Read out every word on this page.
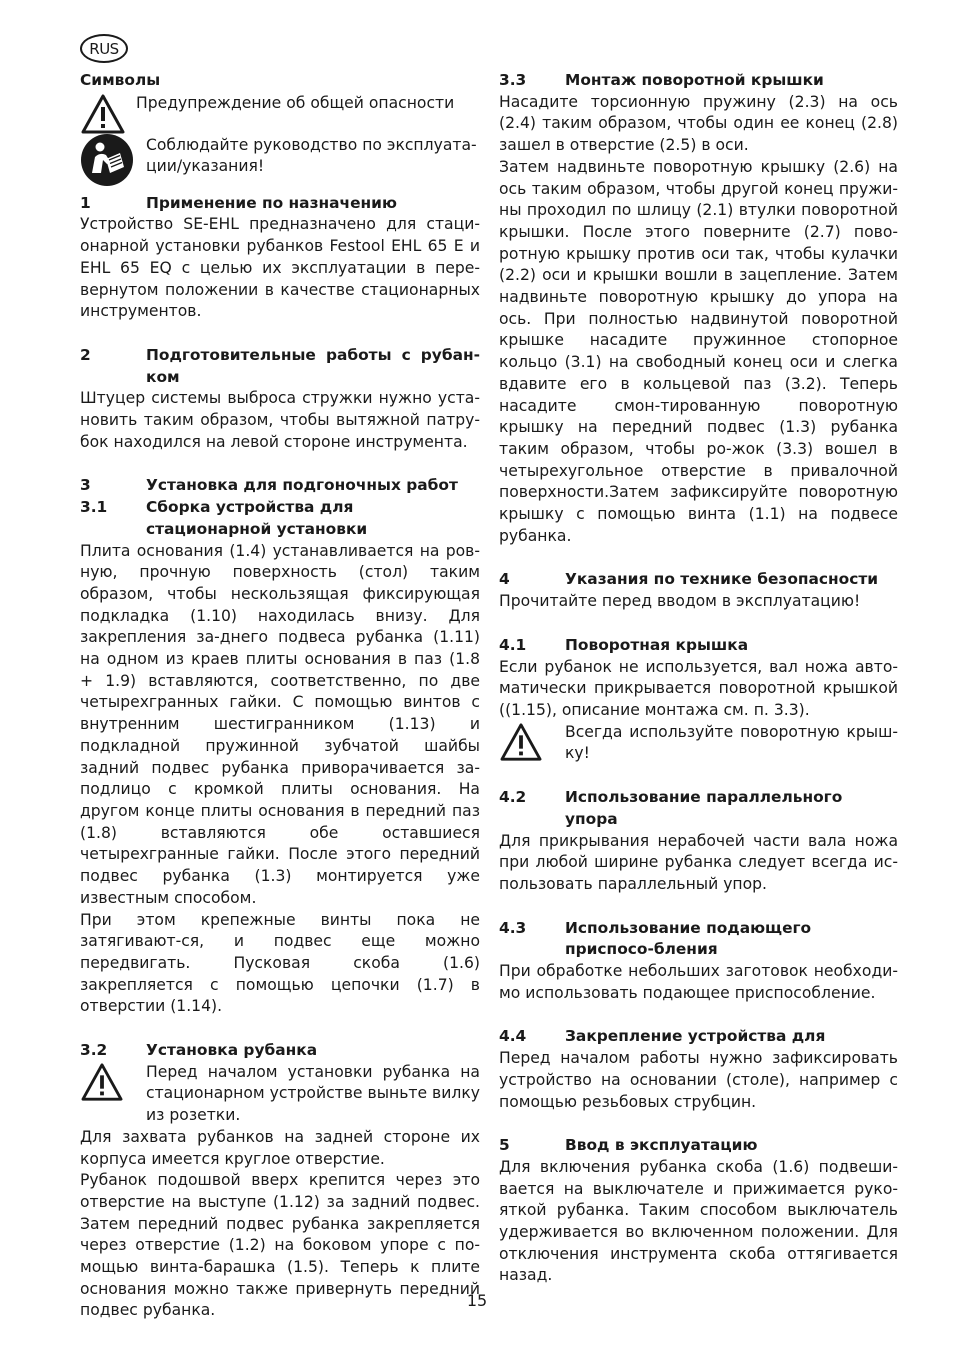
RUS
Символы
Предупреждение об общей опасности
Соблюдайте руководство по эксплуата-
ции/указания!
1	Применение по назначению

Устройство SE-EHL предназначено для стаци-онарной установки рубанков Festool EHL 65 E и EHL 65 EQ с целью их эксплуатации в пере-вернутом положении в качестве стационарных инструментов.

2	Подготовительные работы с рубан-ком

Штуцер системы выброса стружки нужно уста-новить таким образом, чтобы вытяжной патру-бок находился на левой стороне инструмента.

3	Установка для подгоночных работ
3.1	Сборка устройства для стационарной установки

Плита основания (1.4) устанавливается на ров-ную, прочную поверхность (стол) таким образом, чтобы нескользящая фиксирующая подкладка (1.10) находилась внизу. Для закрепления за-днего подвеса рубанка (1.11) на одном из краев плиты основания в паз (1.8 + 1.9) вставляются, соответственно, по две четырехгранных гайки. С помощью винтов с внутренним шестигранником (1.13) и подкладной пружинной зубчатой шайбы задний подвес рубанка приворачивается за-подлицо с кромкой плиты основания. На другом конце плиты основания в передний паз (1.8) вставляются обе оставшиеся четырехгранные гайки. После этого передний подвес рубанка (1.3) монтируется уже известным способом.

При этом крепежные винты пока не затягивают-ся, и подвес еще можно передвигать. Пусковая скоба (1.6) закрепляется с помощью цепочки (1.7) в отверстии (1.14).

3.2	Установка рубанка

Перед началом установки рубанка на стационарном устройстве выньте вилку из розетки.

Для захвата рубанков на задней стороне их корпуса имеется круглое отверстие.

Рубанок подошвой вверх крепится через это отверстие на выступе (1.12) за задний подвес. Затем передний подвес рубанка закрепляется через отверстие (1.2) на боковом упоре с по-мощью винта-барашка (1.5). Теперь к плите основания можно также привернуть передний подвес рубанка.

3.3	Монтаж поворотной крышки

Насадите торсионную пружину (2.3) на ось (2.4) таким образом, чтобы один ее конец (2.8) зашел в отверстие (2.5) в оси.

Затем надвиньте поворотную крышку (2.6) на ось таким образом, чтобы другой конец пружи-ны проходил по шлицу (2.1) втулки поворотной крышки. После этого поверните (2.7) пово-ротную крышку против оси так, чтобы кулачки (2.2) оси и крышки вошли в зацепление. Затем надвиньте поворотную крышку до упора на ось. При полностью надвинутой поворотной крышке насадите пружинное стопорное кольцо (3.1) на свободный конец оси и слегка вдавите его в кольцевой паз (3.2). Теперь насадите смон-тированную поворотную крышку на передний подвес (1.3) рубанка таким образом, чтобы ро-жок (3.3) вошел в четырехугольное отверстие в привалочной поверхности.Затем зафиксируйте поворотную крышку с помощью винта (1.1) на подвесе рубанка.

4	Указания по технике безопасности

Прочитайте перед вводом в эксплуатацию!

4.1	Поворотная крышка

Если рубанок не используется, вал ножа авто-матически прикрывается поворотной крышкой ((1.15), описание монтажа см. п. 3.3).

Всегда используйте поворотную крыш-ку!

4.2	Использование параллельного упора

Для прикрывания нерабочей части вала ножа при любой ширине рубанка следует всегда ис-пользовать параллельный упор.

4.3	Использование подающего приспосо-бления

При обработке небольших заготовок необходи-мо использовать подающее приспособление.

4.4	Закрепление устройства для

Перед началом работы нужно зафиксировать устройство на основании (столе), например с помощью резьбовых струбцин.

5	Ввод в эксплуатацию

Для включения рубанка скоба (1.6) подвеши-вается на выключателе и прижимается руко-яткой рубанка. Таким способом выключатель удерживается во включенном положении. Для отключения инструмента скоба оттягивается назад.

15
